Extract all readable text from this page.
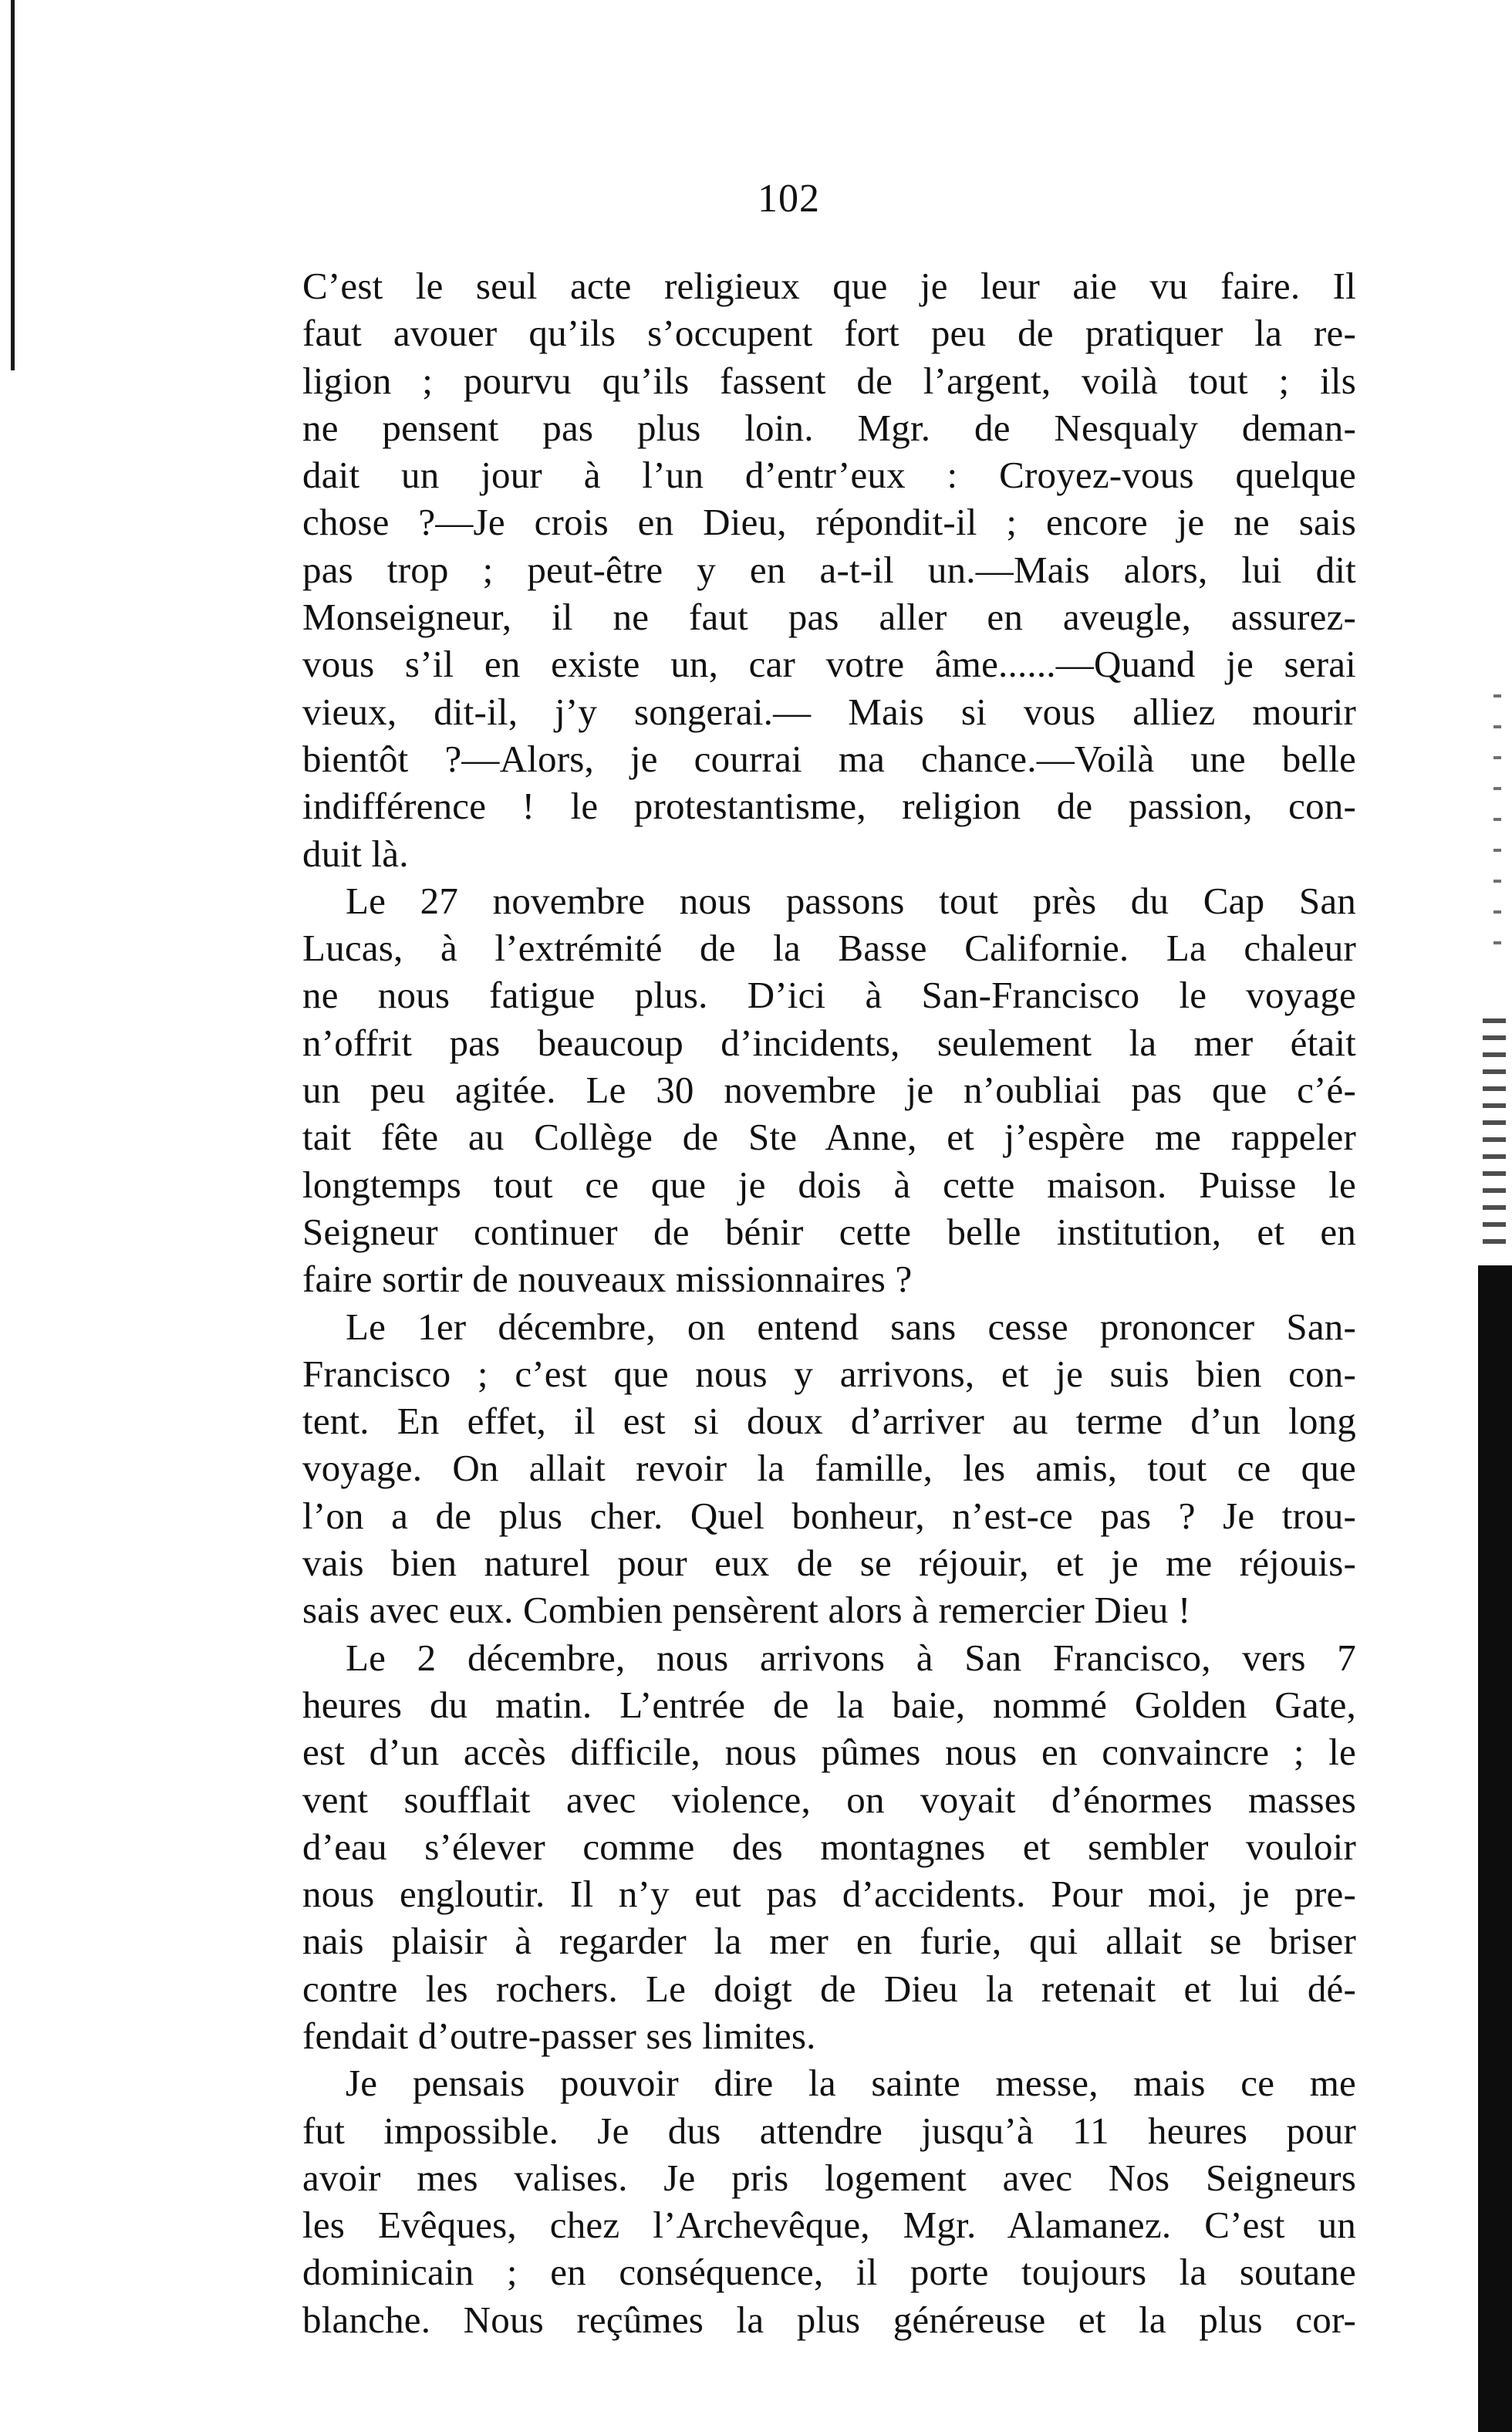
102
C’est le seul acte religieux que je leur aie vu faire. Il
faut avouer qu’ils s’occupent fort peu de pratiquer la re-
ligion ; pourvu qu’ils fassent de l’argent, voilà tout ; ils
ne pensent pas plus loin. Mgr. de Nesqualy deman-
dait un jour à l’un d’entr’eux : Croyez-vous quelque
chose ?—Je crois en Dieu, répondit-il ; encore je ne sais
pas trop ; peut-être y en a-t-il un.—Mais alors, lui dit
Monseigneur, il ne faut pas aller en aveugle, assurez-
vous s’il en existe un, car votre âme......—Quand je serai
vieux, dit-il, j’y songerai.— Mais si vous alliez mourir
bientôt ?—Alors, je courrai ma chance.—Voilà une belle
indifférence ! le protestantisme, religion de passion, con-
duit là.
Le 27 novembre nous passons tout près du Cap San
Lucas, à l’extrémité de la Basse Californie. La chaleur
ne nous fatigue plus. D’ici à San-Francisco le voyage
n’offrit pas beaucoup d’incidents, seulement la mer était
un peu agitée. Le 30 novembre je n’oubliai pas que c’é-
tait fête au Collège de Ste Anne, et j’espère me rappeler
longtemps tout ce que je dois à cette maison. Puisse le
Seigneur continuer de bénir cette belle institution, et en
faire sortir de nouveaux missionnaires ?
Le 1er décembre, on entend sans cesse prononcer San-
Francisco ; c’est que nous y arrivons, et je suis bien con-
tent. En effet, il est si doux d’arriver au terme d’un long
voyage. On allait revoir la famille, les amis, tout ce que
l’on a de plus cher. Quel bonheur, n’est-ce pas ? Je trou-
vais bien naturel pour eux de se réjouir, et je me réjouis-
sais avec eux. Combien pensèrent alors à remercier Dieu !
Le 2 décembre, nous arrivons à San Francisco, vers 7
heures du matin. L’entrée de la baie, nommé Golden Gate,
est d’un accès difficile, nous pûmes nous en convaincre ; le
vent soufflait avec violence, on voyait d’énormes masses
d’eau s’élever comme des montagnes et sembler vouloir
nous engloutir. Il n’y eut pas d’accidents. Pour moi, je pre-
nais plaisir à regarder la mer en furie, qui allait se briser
contre les rochers. Le doigt de Dieu la retenait et lui dé-
fendait d’outre-passer ses limites.
Je pensais pouvoir dire la sainte messe, mais ce me
fut impossible. Je dus attendre jusqu’à 11 heures pour
avoir mes valises. Je pris logement avec Nos Seigneurs
les Evêques, chez l’Archevêque, Mgr. Alamanez. C’est un
dominicain ; en conséquence, il porte toujours la soutane
blanche. Nous reçûmes la plus généreuse et la plus cor-
